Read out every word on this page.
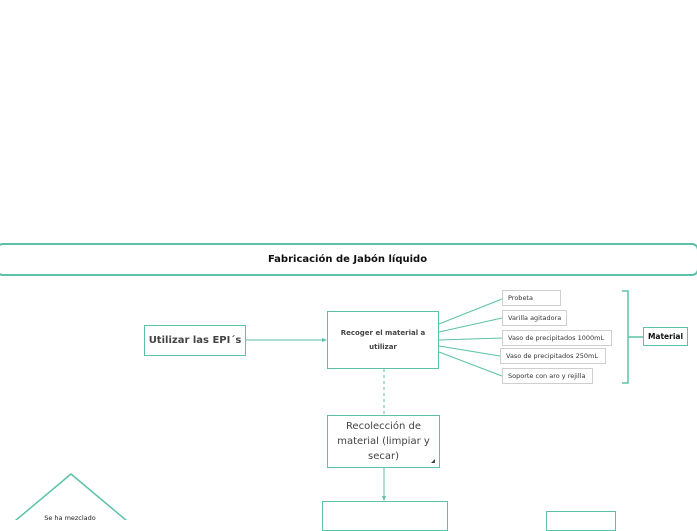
Fabricación de Jabón líquido
Utilizar las EPI´s
Recoger el material a utilizar
Recolección de material (limpiar y secar)
Probeta
Varilla agitadora
Vaso de precipitados 1000mL
Vaso de precipitados 250mL
Soporte con aro y rejilla
Material
Se ha mezclado
